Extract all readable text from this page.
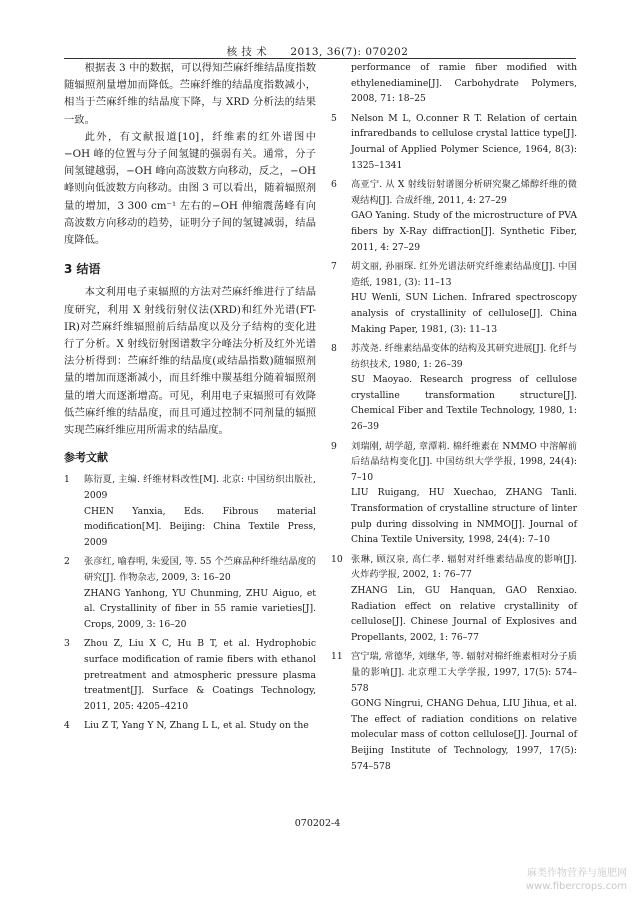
核 技 术 2013, 36(7): 070202

根据表 3 中的数据，可以得知苎麻纤维结晶度指数随辐照剂量增加而降低。苎麻纤维的结晶度指数减小，相当于苎麻纤维的结晶度下降，与 XRD 分析法的结果一致。

此外，有文献报道[10]，纤维素的红外谱图中−OH 峰的位置与分子间氢键的强弱有关。通常，分子间氢键越弱，−OH 峰向高波数方向移动，反之，−OH 峰则向低波数方向移动。由图 3 可以看出，随着辐照剂量的增加，3 300 cm⁻¹ 左右的−OH 伸缩震荡峰有向高波数方向移动的趋势，证明分子间的氢键减弱，结晶度降低。

3 结语

本文利用电子束辐照的方法对苎麻纤维进行了结晶度研究，利用 X 射线衍射仪法(XRD)和红外光谱(FT-IR)对苎麻纤维辐照前后结晶度以及分子结构的变化进行了分析。X 射线衍射图谱数字分峰法分析及红外光谱法分析得到：苎麻纤维的结晶度(或结晶指数)随辐照剂量的增加而逐渐减小，而且纤维中羰基组分随着辐照剂量的增大而逐渐增高。可见，利用电子束辐照可有效降低苎麻纤维的结晶度，而且可通过控制不同剂量的辐照实现苎麻纤维应用所需求的结晶度。

参考文献
1	陈衍夏, 主编. 纤维材料改性[M]. 北京: 中国纺织出版社, 2009

CHEN Yanxia, Eds. Fibrous material modification[M]. Beijing: China Textile Press, 2009

2	张彦红, 喻春明, 朱爱国, 等. 55 个苎麻品种纤维结晶度的研究[J]. 作物杂志, 2009, 3: 16–20

ZHANG Yanhong, YU Chunming, ZHU Aiguo, et al. Crystallinity of fiber in 55 ramie varieties[J]. Crops, 2009, 3: 16–20

3	Zhou Z, Liu X C, Hu B T, et al. Hydrophobic surface modification of ramie fibers with ethanol pretreatment and atmospheric pressure plasma treatment[J]. Surface & Coatings Technology, 2011, 205: 4205–4210

4	Liu Z T, Yang Y N, Zhang L L, et al. Study on the

performance of ramie fiber modified with ethylenediamine[J]. Carbohydrate Polymers, 2008, 71: 18–25

5	Nelson M L, O.conner R T. Relation of certain infraredbands to cellulose crystal lattice type[J]. Journal of Applied Polymer Science, 1964, 8(3): 1325–1341

6	高亚宁. 从 X 射线衍射谱图分析研究聚乙烯醇纤维的微观结构[J]. 合成纤维, 2011, 4: 27–29

GAO Yaning. Study of the microstructure of PVA fibers by X-Ray diffraction[J]. Synthetic Fiber, 2011, 4: 27–29

7	胡文丽, 孙丽琛. 红外光谱法研究纤维素结晶度[J]. 中国造纸, 1981, (3): 11–13

HU Wenli, SUN Lichen. Infrared spectroscopy analysis of crystallinity of cellulose[J]. China Making Paper, 1981, (3): 11–13

8	苏茂尧. 纤维素结晶变体的结构及其研究进展[J]. 化纤与纺织技术, 1980, 1: 26–39

SU Maoyao. Research progress of cellulose crystalline transformation structure[J]. Chemical Fiber and Textile Technology, 1980, 1: 26–39

9	刘瑞刚, 胡学超, 章潭莉. 棉纤维素在 NMMO 中溶解前后结晶结构变化[J]. 中国纺织大学学报, 1998, 24(4): 7–10

LIU Ruigang, HU Xuechao, ZHANG Tanli. Transformation of crystalline structure of linter pulp during dissolving in NMMO[J]. Journal of China Textile University, 1998, 24(4): 7–10

10 张琳, 顾汉泉, 高仁孝. 辐射对纤维素结晶度的影响[J]. 火炸药学报, 2002, 1: 76–77

ZHANG Lin, GU Hanquan, GAO Renxiao. Radiation effect on relative crystallinity of cellulose[J]. Chinese Journal of Explosives and Propellants, 2002, 1: 76–77

11 宫宁瑞, 常德华, 刘继华, 等. 辐射对棉纤维素相对分子质量的影响[J]. 北京理工大学学报, 1997, 17(5): 574–578

GONG Ningrui, CHANG Dehua, LIU Jihua, et al. The effect of radiation conditions on relative molecular mass of cotton cellulose[J]. Journal of Beijing Institute of Technology, 1997, 17(5): 574–578

070202-4
麻类作物营养与施肥网
www.fibercrops.com
